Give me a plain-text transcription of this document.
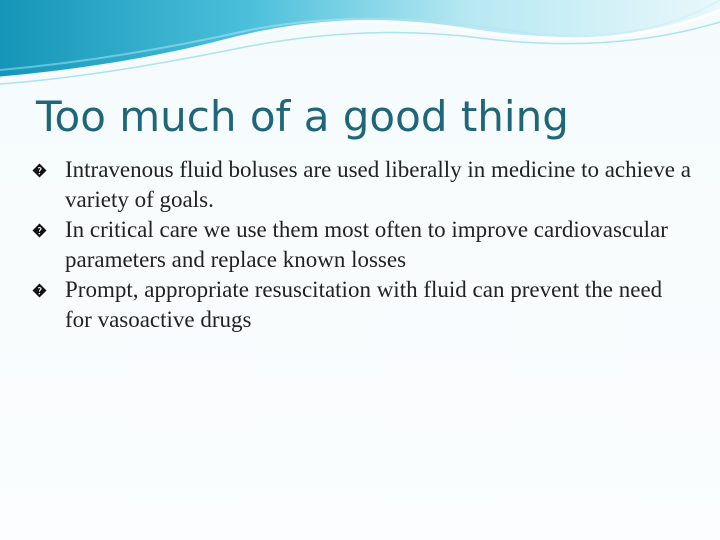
Too much of a good thing
Intravenous fluid boluses are used liberally in medicine to achieve a variety of goals.
In critical care we use them most often to improve cardiovascular parameters and replace known losses
Prompt, appropriate resuscitation with fluid can prevent the need for vasoactive drugs
